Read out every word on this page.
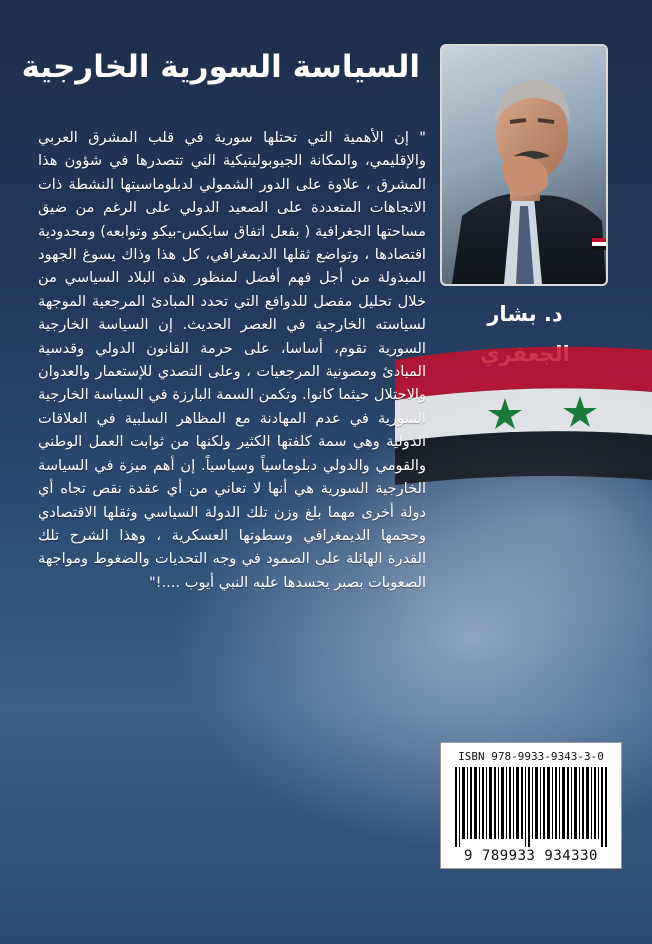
السياسة السورية الخارجية
د. بشار
" إن الأهمية التي تحتلها سورية في قلب المشرق العربي والإقليمي، والمكانة الجيوبوليتيكية التي تتصدرها في شؤون هذا المشرق ، علاوة على الدور الشمولي لدبلوماسيتها النشطة ذات الاتجاهات المتعددة على الصعيد الدولي على الرغم من ضيق مساحتها الجغرافية ( بفعل اتفاق سايكس-بيكو وتوابعه) ومحدودية اقتصادها ، وتواضع ثقلها الديمغرافي، كل هذا وذاك يسوغ الجهود المبذولة من أجل فهم أفضل لمنظور هذه البلاد السياسي من خلال تحليل مفصل للدوافع التي تحدد المبادئ المرجعية الموجهة لسياسته الخارجية في العصر الحديث. إن السياسة الخارجية السورية تقوم، أساسا، على حرمة القانون الدولي وقدسية المبادئ ومصونية المرجعيات ، وعلى التصدي للإستعمار والعدوان والاحتلال حيثما كانوا. وتكمن السمة البارزة في السياسة الخارجية السورية في عدم المهادنة مع المظاهر السلبية في العلاقات الدولية وهي سمة كلفتها الكثير ولكنها من ثوابت العمل الوطني والقومي والدولي دبلوماسياً وسياسياً. إن أهم ميزة في السياسة الخارجية السورية هي أنها لا تعاني من أي عقدة نقص تجاه أي دولة أخرى مهما بلغ وزن تلك الدولة السياسي وثقلها الاقتصادي وحجمها الديمغرافي وسطوتها العسكرية ، وهذا الشرح تلك القدرة الهائلة على الصمود في وجه التحديات والضغوط ومواجهة الصعوبات بصبر يحسدها عليه النبي أيوب ....!"
ISBN 978-9933-9343-3-0
9 789933 934330
